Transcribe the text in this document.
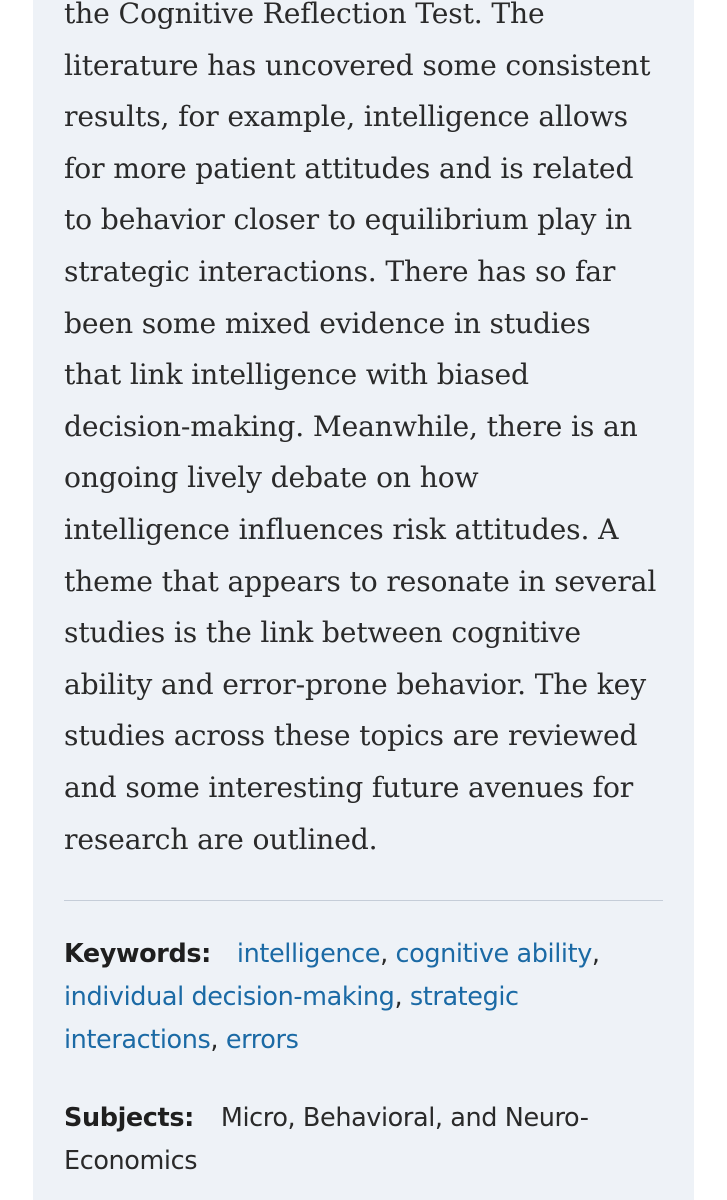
the Cognitive Reflection Test. The
literature has uncovered some consistent
results, for example, intelligence allows
for more patient attitudes and is related
to behavior closer to equilibrium play in
strategic interactions. There has so far
been some mixed evidence in studies
that link intelligence with biased
decision-making. Meanwhile, there is an
ongoing lively debate on how
intelligence influences risk attitudes. A
theme that appears to resonate in several
studies is the link between cognitive
ability and error-prone behavior. The key
studies across these topics are reviewed
and some interesting future avenues for
research are outlined.
Keywords: intelligence, cognitive ability,
individual decision-making, strategic
interactions, errors
Subjects: Micro, Behavioral, and Neuro-
Economics
